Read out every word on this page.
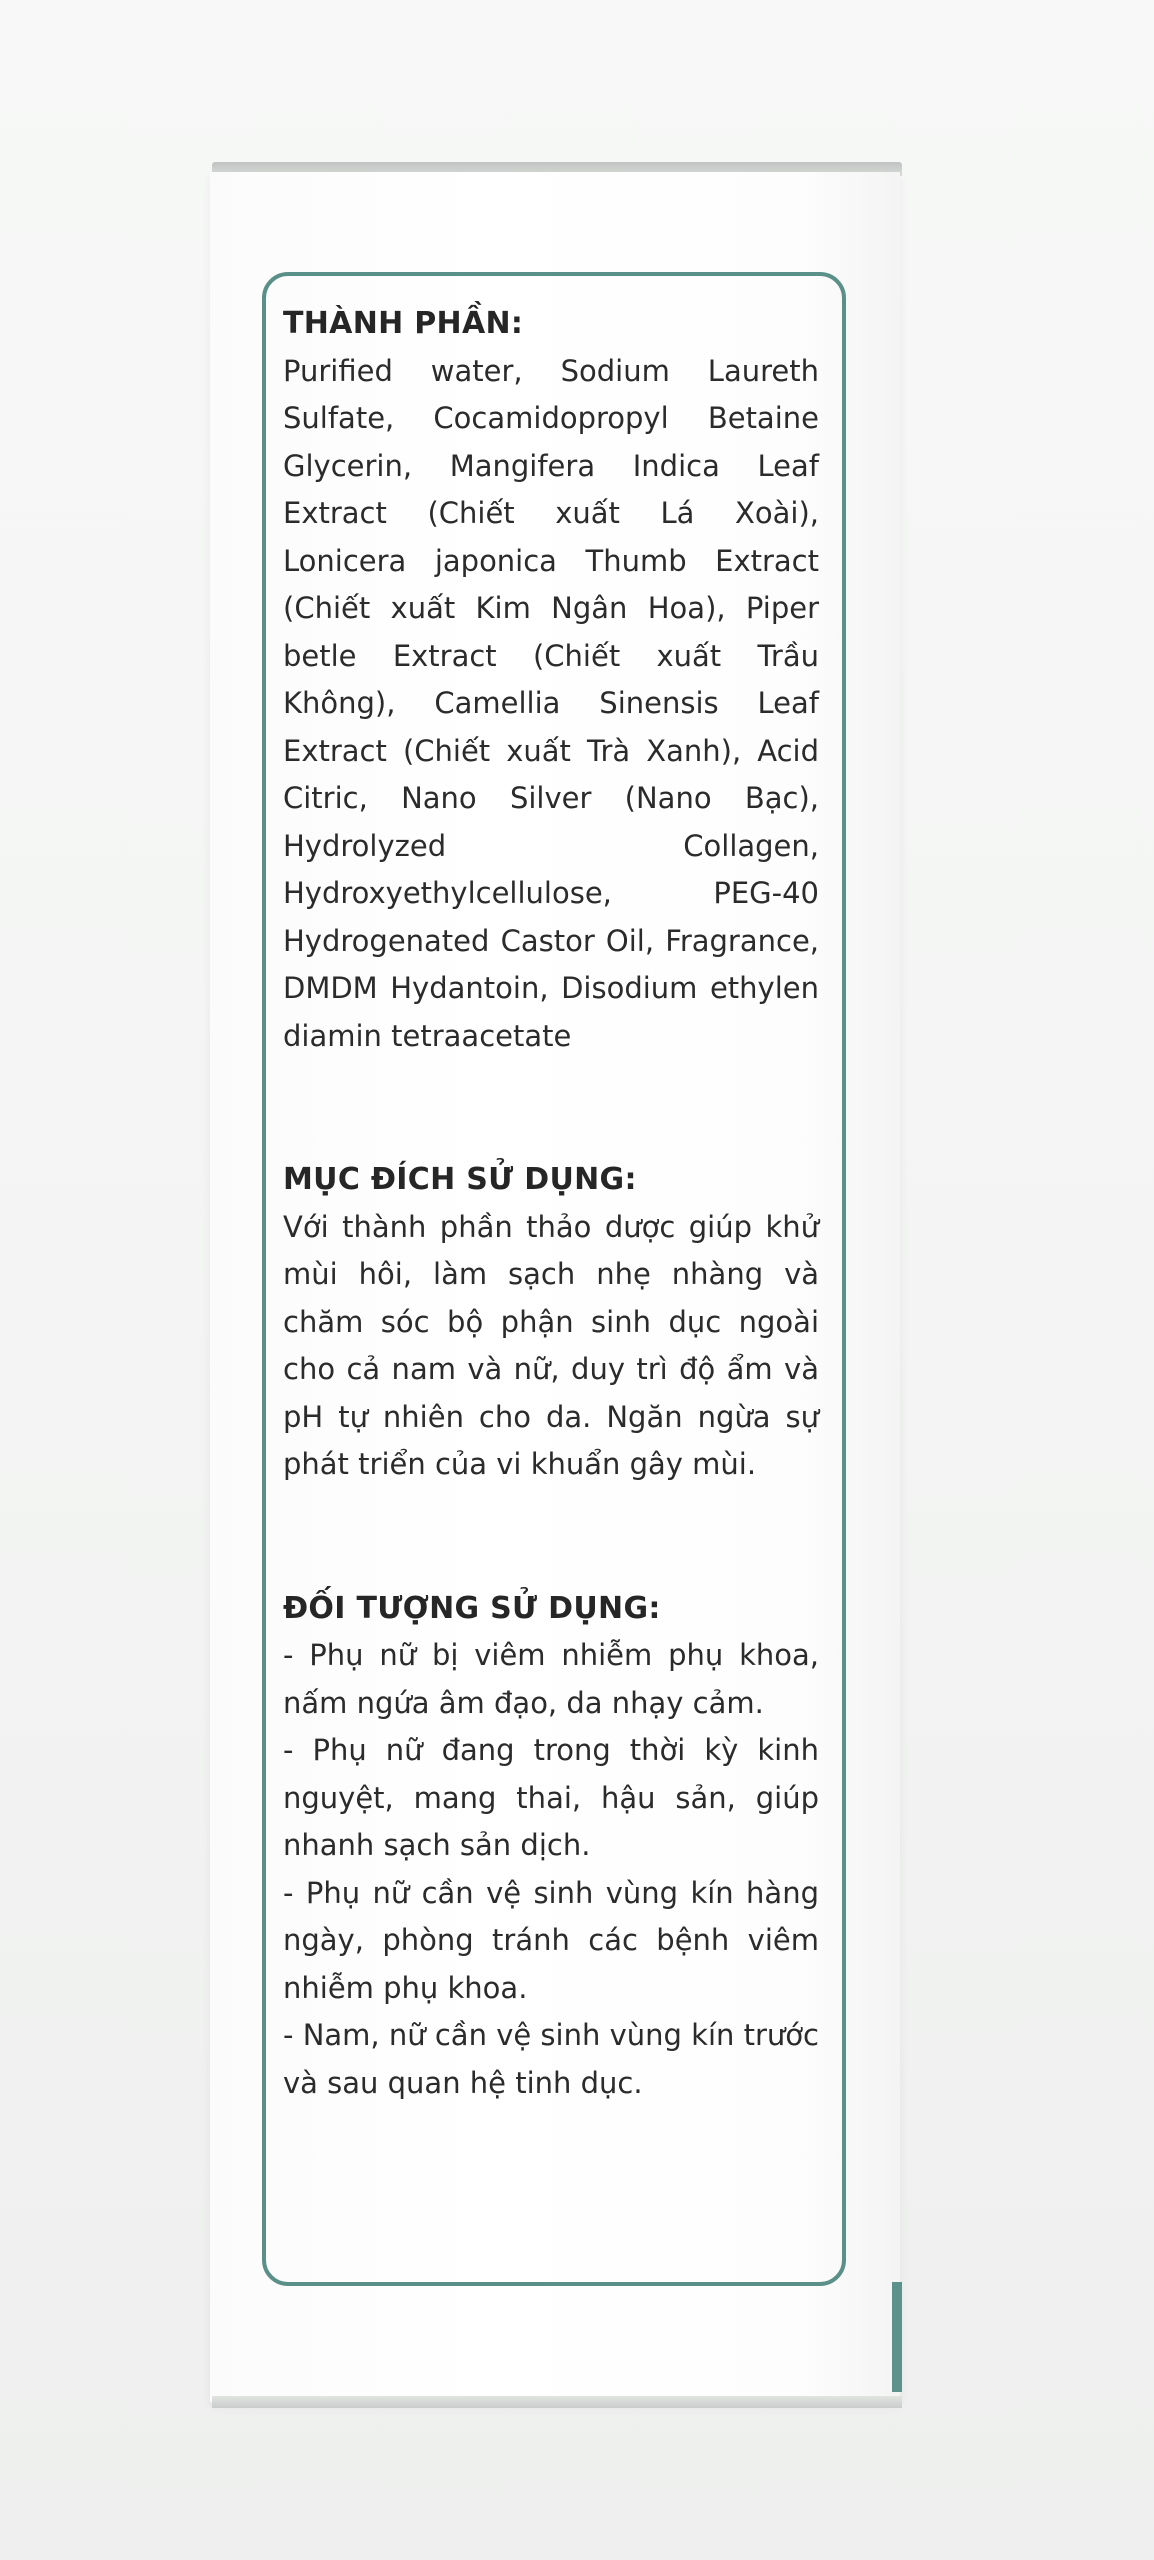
THÀNH PHẦN:

Purified water, Sodium Laureth Sulfate, Cocamidopropyl Betaine Glycerin, Mangifera Indica Leaf Extract (Chiết xuất Lá Xoài), Lonicera japonica Thumb Extract (Chiết xuất Kim Ngân Hoa), Piper betle Extract (Chiết xuất Trầu Không), Camellia Sinensis Leaf Extract (Chiết xuất Trà Xanh), Acid Citric, Nano Silver (Nano Bạc), Hydrolyzed Collagen, Hydroxyethylcellulose, PEG-40 Hydrogenated Castor Oil, Fragrance, DMDM Hydantoin, Disodium ethylen diamin tetraacetate

MỤC ĐÍCH SỬ DỤNG:

Với thành phần thảo dược giúp khử mùi hôi, làm sạch nhẹ nhàng và chăm sóc bộ phận sinh dục ngoài cho cả nam và nữ, duy trì độ ẩm và pH tự nhiên cho da. Ngăn ngừa sự phát triển của vi khuẩn gây mùi.

ĐỐI TƯỢNG SỬ DỤNG:

- Phụ nữ bị viêm nhiễm phụ khoa, nấm ngứa âm đạo, da nhạy cảm.

- Phụ nữ đang trong thời kỳ kinh nguyệt, mang thai, hậu sản, giúp nhanh sạch sản dịch.

- Phụ nữ cần vệ sinh vùng kín hàng ngày, phòng tránh các bệnh viêm nhiễm phụ khoa.

- Nam, nữ cần vệ sinh vùng kín trước và sau quan hệ tinh dục.
